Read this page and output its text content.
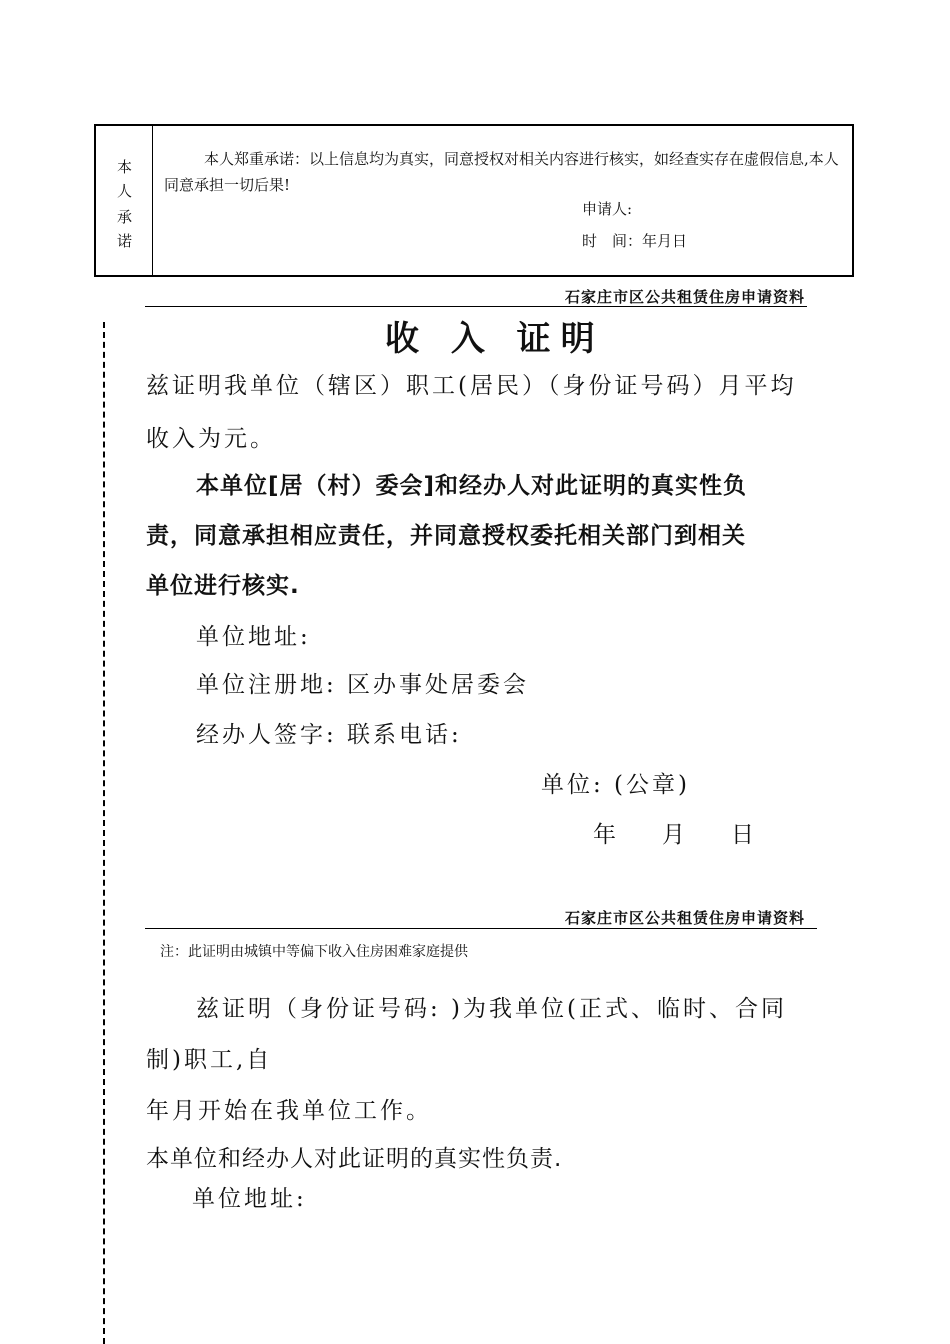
本
人
承
诺
本人郑重承诺：以上信息均为真实，同意授权对相关内容进行核实，如经查实存在虚假信息,本人同意承担一切后果!
申请人:
时　间：年月日
石家庄市区公共租赁住房申请资料
收 入 证明
兹证明我单位（辖区）职工(居民）（身份证号码）月平均
收入为元。
本单位[居（村）委会]和经办人对此证明的真实性负
责，同意承担相应责任，并同意授权委托相关部门到相关
单位进行核实.
单位地址:
单位注册地: 区办事处居委会
经办人签字: 联系电话:
单位: (公章)
年　　月　　日
石家庄市区公共租赁住房申请资料
注：此证明由城镇中等偏下收入住房困难家庭提供
兹证明（身份证号码: )为我单位(正式、临时、合同
制)职工,自
年月开始在我单位工作。
本单位和经办人对此证明的真实性负责.
单位地址:
